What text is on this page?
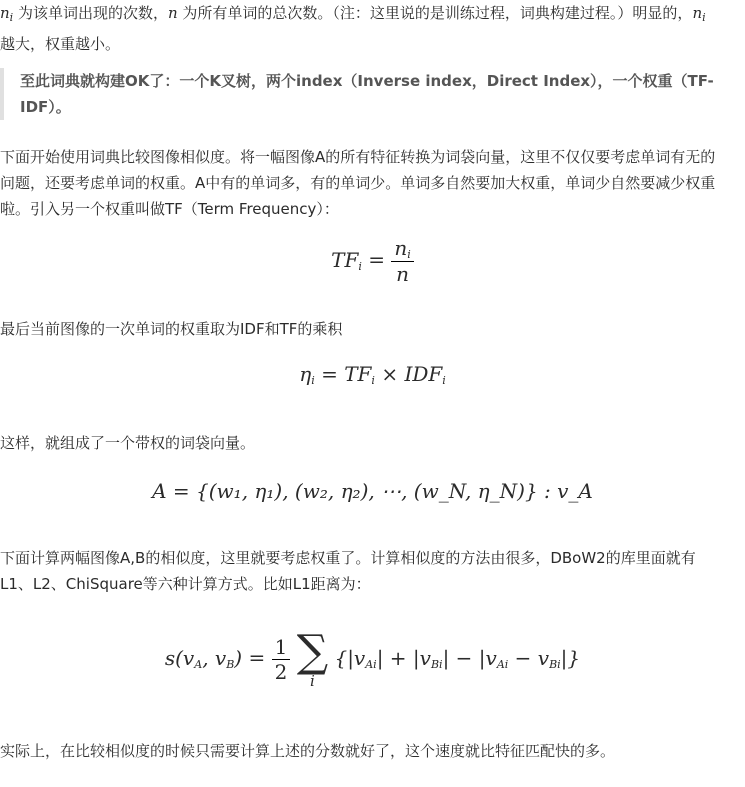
$n_i$ 为该单词出现的次数，n 为所有单词的总次数。（注：这里说的是训练过程，词典构建过程。）明显的，$n_i$ 越大，权重越小。

至此词典就构建OK了：一个K叉树，两个index（Inverse index，Direct Index），一个权重（TF-IDF）。

下面开始使用词典比较图像相似度。将一幅图像A的所有特征转换为词袋向量，这里不仅仅要考虑单词有无的问题，还要考虑单词的权重。A中有的单词多，有的单词少。单词多自然要加大权重，单词少自然要减少权重啦。引入另一个权重叫做TF（Term Frequency）：

$TF_i = \frac{n_i}{n}$

最后当前图像的一次单词的权重取为IDF和TF的乘积

$\eta_i = TF_i \times IDF_i$

这样，就组成了一个带权的词袋向量。

A = {(w₁, η₁), (w₂, η₂), ⋯, (w_N, η_N)} : v_A

下面计算两幅图像A,B的相似度，这里就要考虑权重了。计算相似度的方法由很多，DBoW2的库里面就有L1、L2、ChiSquare等六种计算方式。比如L1距离为：

$s(v_A$, $v_B) = \frac{1}{2}$ ∑
i
$\{|v_{Ai}| + |v_{Bi}| - |v_{Ai} - v_{Bi}|\}$

实际上，在比较相似度的时候只需要计算上述的分数就好了，这个速度就比特征匹配快的多。
